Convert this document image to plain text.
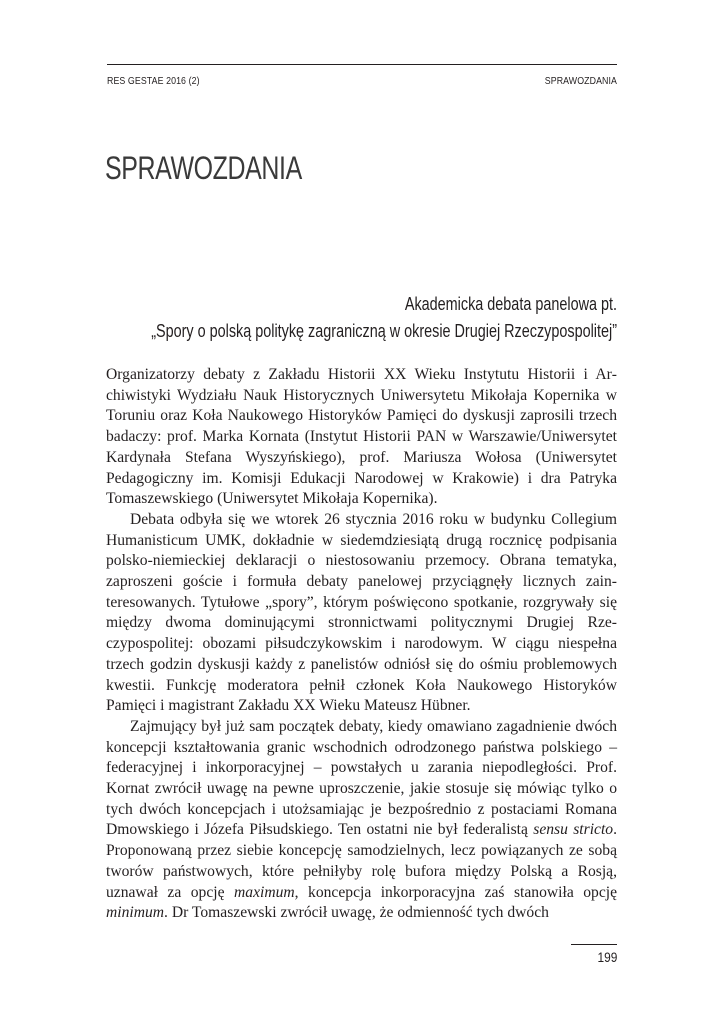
RES GESTAE 2016 (2)	SPRAWOZDANIA
SPRAWOZDANIA
Akademicka debata panelowa pt.
„Spory o polską politykę zagraniczną w okresie Drugiej Rzeczypospolitej”

Organizatorzy debaty z Zakładu Historii XX Wieku Instytutu Historii i Archiwistyki Wydziału Nauk Historycznych Uniwersytetu Mikołaja Kopernika w Toruniu oraz Koła Naukowego Historyków Pamięci do dyskusji zaprosili trzech badaczy: prof. Marka Kornata (Instytut Historii PAN w Warszawie/Uniwersytet Kardynała Stefana Wyszyńskiego), prof. Mariusza Wołosa (Uniwersytet Pedagogiczny im. Komisji Edukacji Narodowej w Krakowie) i dra Patryka Tomaszewskiego (Uniwersytet Mikołaja Kopernika).

Debata odbyła się we wtorek 26 stycznia 2016 roku w budynku Collegium Humanisticum UMK, dokładnie w siedemdziesiątą drugą rocznicę podpisania polsko-niemieckiej deklaracji o niestosowaniu przemocy. Obrana tematyka, zaproszeni goście i formuła debaty panelowej przyciągnęły licznych zainteresowanych. Tytułowe „spory”, którym poświęcono spotkanie, rozgrywały się między dwoma dominującymi stronnictwami politycznymi Drugiej Rzeczypospolitej: obozami piłsudczykowskim i narodowym. W ciągu niespełna trzech godzin dyskusji każdy z panelistów odniósł się do ośmiu problemowych kwestii. Funkcję moderatora pełnił członek Koła Naukowego Historyków Pamięci i magistrant Zakładu XX Wieku Mateusz Hübner.

Zajmujący był już sam początek debaty, kiedy omawiano zagadnienie dwóch koncepcji kształtowania granic wschodnich odrodzonego państwa polskiego – federacyjnej i inkorporacyjnej – powstałych u zarania niepodległości. Prof. Kornat zwrócił uwagę na pewne uproszczenie, jakie stosuje się mówiąc tylko o tych dwóch koncepcjach i utożsamiając je bezpośrednio z postaciami Romana Dmowskiego i Józefa Piłsudskiego. Ten ostatni nie był federalistą sensu stricto. Proponowaną przez siebie koncepcję samodzielnych, lecz powiązanych ze sobą tworów państwowych, które pełniłyby rolę bufora między Polską a Rosją, uznawał za opcję maximum, koncepcja inkorporacyjna zaś stanowiła opcję minimum. Dr Tomaszewski zwrócił uwagę, że odmienność tych dwóch

199
